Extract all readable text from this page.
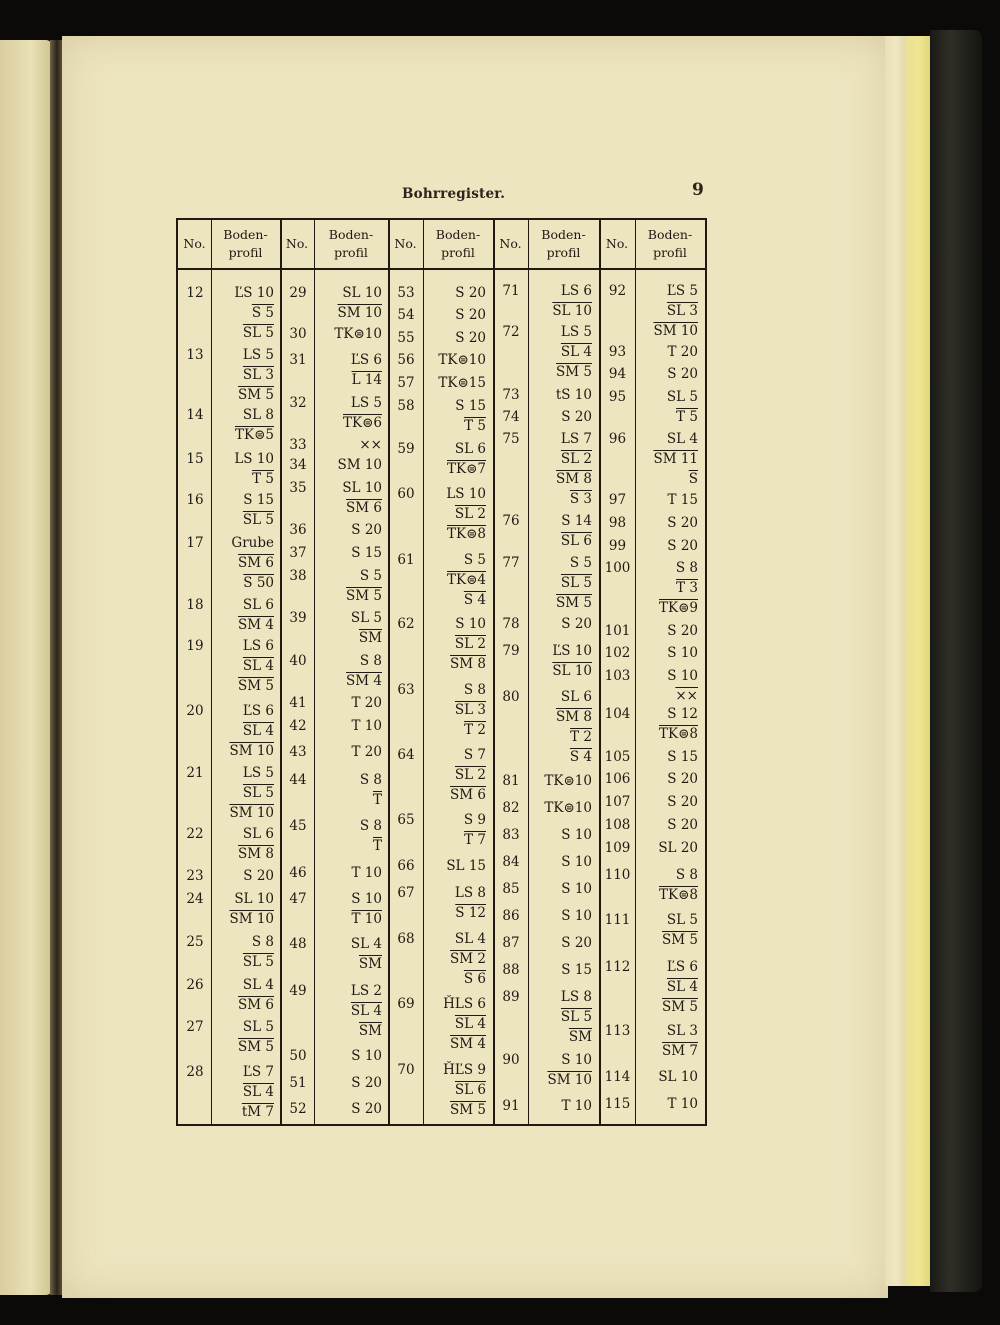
Bohrregister.	9
No.
Boden-profil
No.
Boden-profil
No.
Boden-profil
No.
Boden-profil
No.
Boden-profil
12	ĽS 10
S 5
SL 5
13	LS 5
SL 3
SM 5
14	SL 8
TK⊜5
15	LS 10
T 5
16	S 15
SL 5
17	Grube
SM 6
S 50
18	SL 6
SM 4
19	LS 6
SL 4
SM 5
20	ĽS 6
SL 4
SM 10
21	LS 5
SL 5
SM 10
22	SL 6
SM 8
23	S 20
24	SL 10
SM 10
25	S 8
SL 5
26	SL 4
SM 6
27	SL 5
SM 5
28	ĽS 7
SL 4
tM 7
29	SL 10
SM 10
30	TK⊜10
31	ĽS 6
L 14
32	LS 5
TK⊜6
33	××
34	SM 10
35	SL 10
SM 6
36	S 20
37	S 15
38	S 5
SM 5
39	SL 5
$\overline{SM}$
40	S 8
SM 4
41	T 20
42	T 10
43	T 20
44	S 8
$\overline{T}$
45	S 8
$\overline{T}$
46	T 10
47	S 10
T 10
48	SL 4
$\overline{SM}$
49	LS 2
SL 4
$\overline{SM}$
50	S 10
51	S 20
52	S 20
53	S 20
54	S 20
55	S 20
56	TK⊜10
57	TK⊜15
58	S 15
T 5
59	SL 6
TK⊜7
60	LS 10
SL 2
TK⊜8
61	S 5
TK⊜4
S 4
62	S 10
SL 2
SM 8
63	S 8
SL 3
T 2
64	S 7
SL 2
SM 6
65	S 9
T 7
66	SL 15
67	LS 8
S 12
68	SL 4
SM 2
S 6
69	ȞLS 6
SL 4
SM 4
70	ȞĽS 9
SL 6
SM 5
71	LS 6
SL 10
72	LS 5
SL 4
SM 5
73	tS 10
74	S 20
75	LS 7
SL 2
SM 8
S 3
76	S 14
SL 6
77	S 5
SL 5
SM 5
78	S 20
79	ĽS 10
SL 10
80	SL 6
SM 8
T 2
S 4
81	TK⊜10
82	TK⊜10
83	S 10
84	S 10
85	S 10
86	S 10
87	S 20
88	S 15
89	LS 8
SL 5
$\overline{SM}$
90	S 10
SM 10
91	T 10
92	ĽS 5
SL 3
SM 10
93	T 20
94	S 20
95	SL 5
T 5
96	SL 4
SM 11
$\overline{S}$
97	T 15
98	S 20
99	S 20
100	S 8
T 3
TK⊜9
101	S 20
102	S 10
103	S 10
××
104	S 12
TK⊜8
105	S 15
106	S 20
107	S 20
108	S 20
109	SL 20
110	S 8
TK⊜8
111	SL 5
SM 5
112	ĽS 6
SL 4
SM 5
113	SL 3
SM 7
114	SL 10
115	T 10
